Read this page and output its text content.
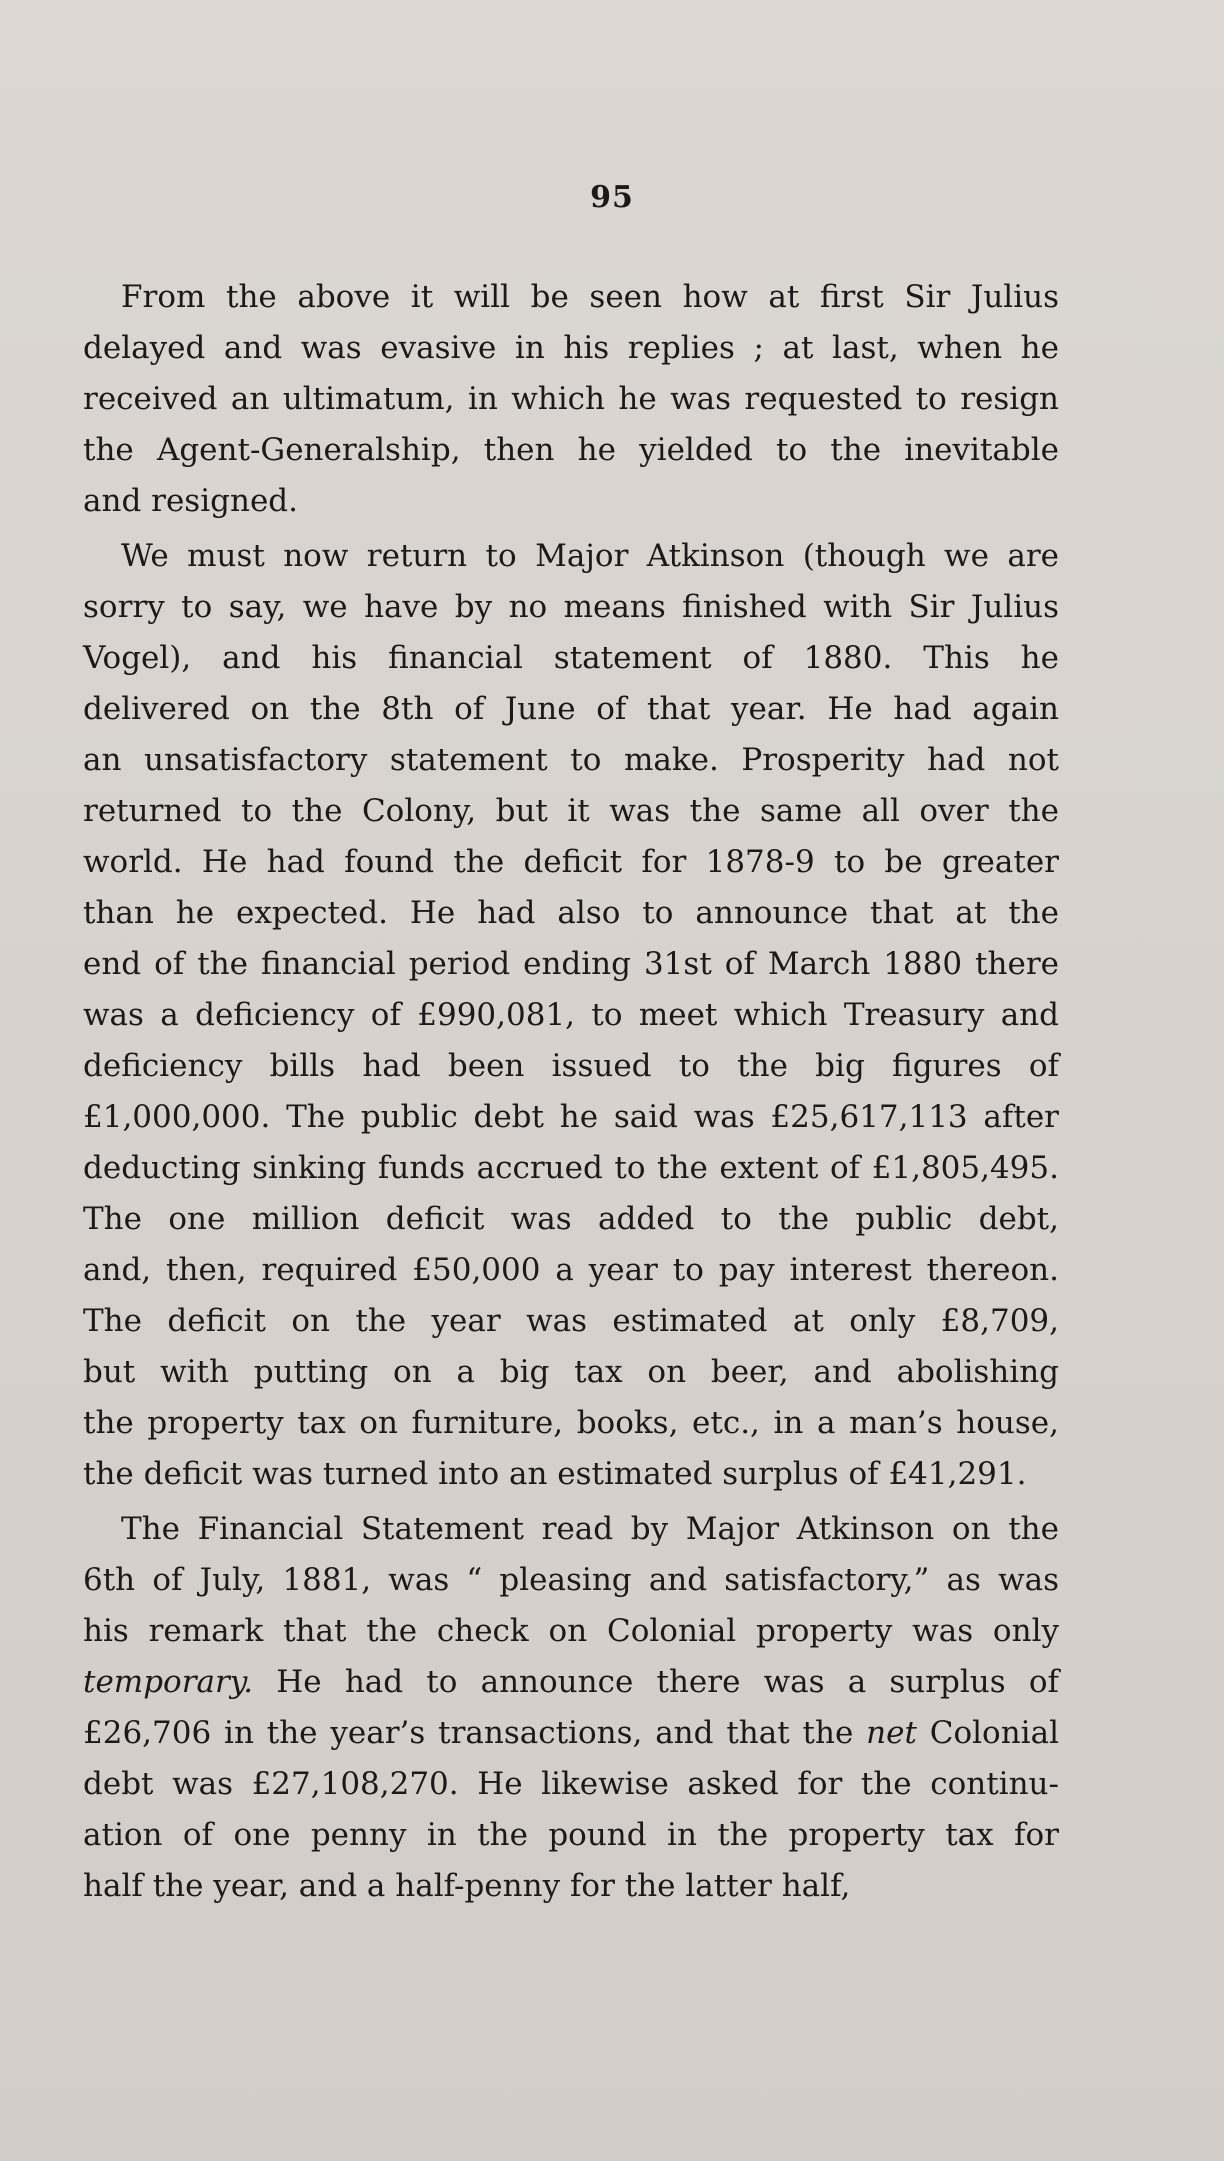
95
From the above it will be seen how at first Sir Julius
delayed and was evasive in his replies ; at last, when he
received an ultimatum, in which he was requested to resign
the Agent-Generalship, then he yielded to the inevitable
and resigned.
We must now return to Major Atkinson (though we are
sorry to say, we have by no means finished with Sir Julius
Vogel), and his financial statement of 1880. This he
delivered on the 8th of June of that year. He had again
an unsatisfactory statement to make. Prosperity had not
returned to the Colony, but it was the same all over the
world. He had found the deficit for 1878-9 to be greater
than he expected. He had also to announce that at the
end of the financial period ending 31st of March 1880 there
was a deficiency of £990,081, to meet which Treasury and
deficiency bills had been issued to the big figures of
£1,000,000. The public debt he said was £25,617,113 after
deducting sinking funds accrued to the extent of £1,805,495.
The one million deficit was added to the public debt,
and, then, required £50,000 a year to pay interest thereon.
The deficit on the year was estimated at only £8,709,
but with putting on a big tax on beer, and abolishing
the property tax on furniture, books, etc., in a man’s house,
the deficit was turned into an estimated surplus of £41,291.
The Financial Statement read by Major Atkinson on the
6th of July, 1881, was “ pleasing and satisfactory,” as was
his remark that the check on Colonial property was only
temporary. He had to announce there was a surplus of
£26,706 in the year’s transactions, and that the net Colonial
debt was £27,108,270. He likewise asked for the continu-
ation of one penny in the pound in the property tax for
half the year, and a half-penny for the latter half,
